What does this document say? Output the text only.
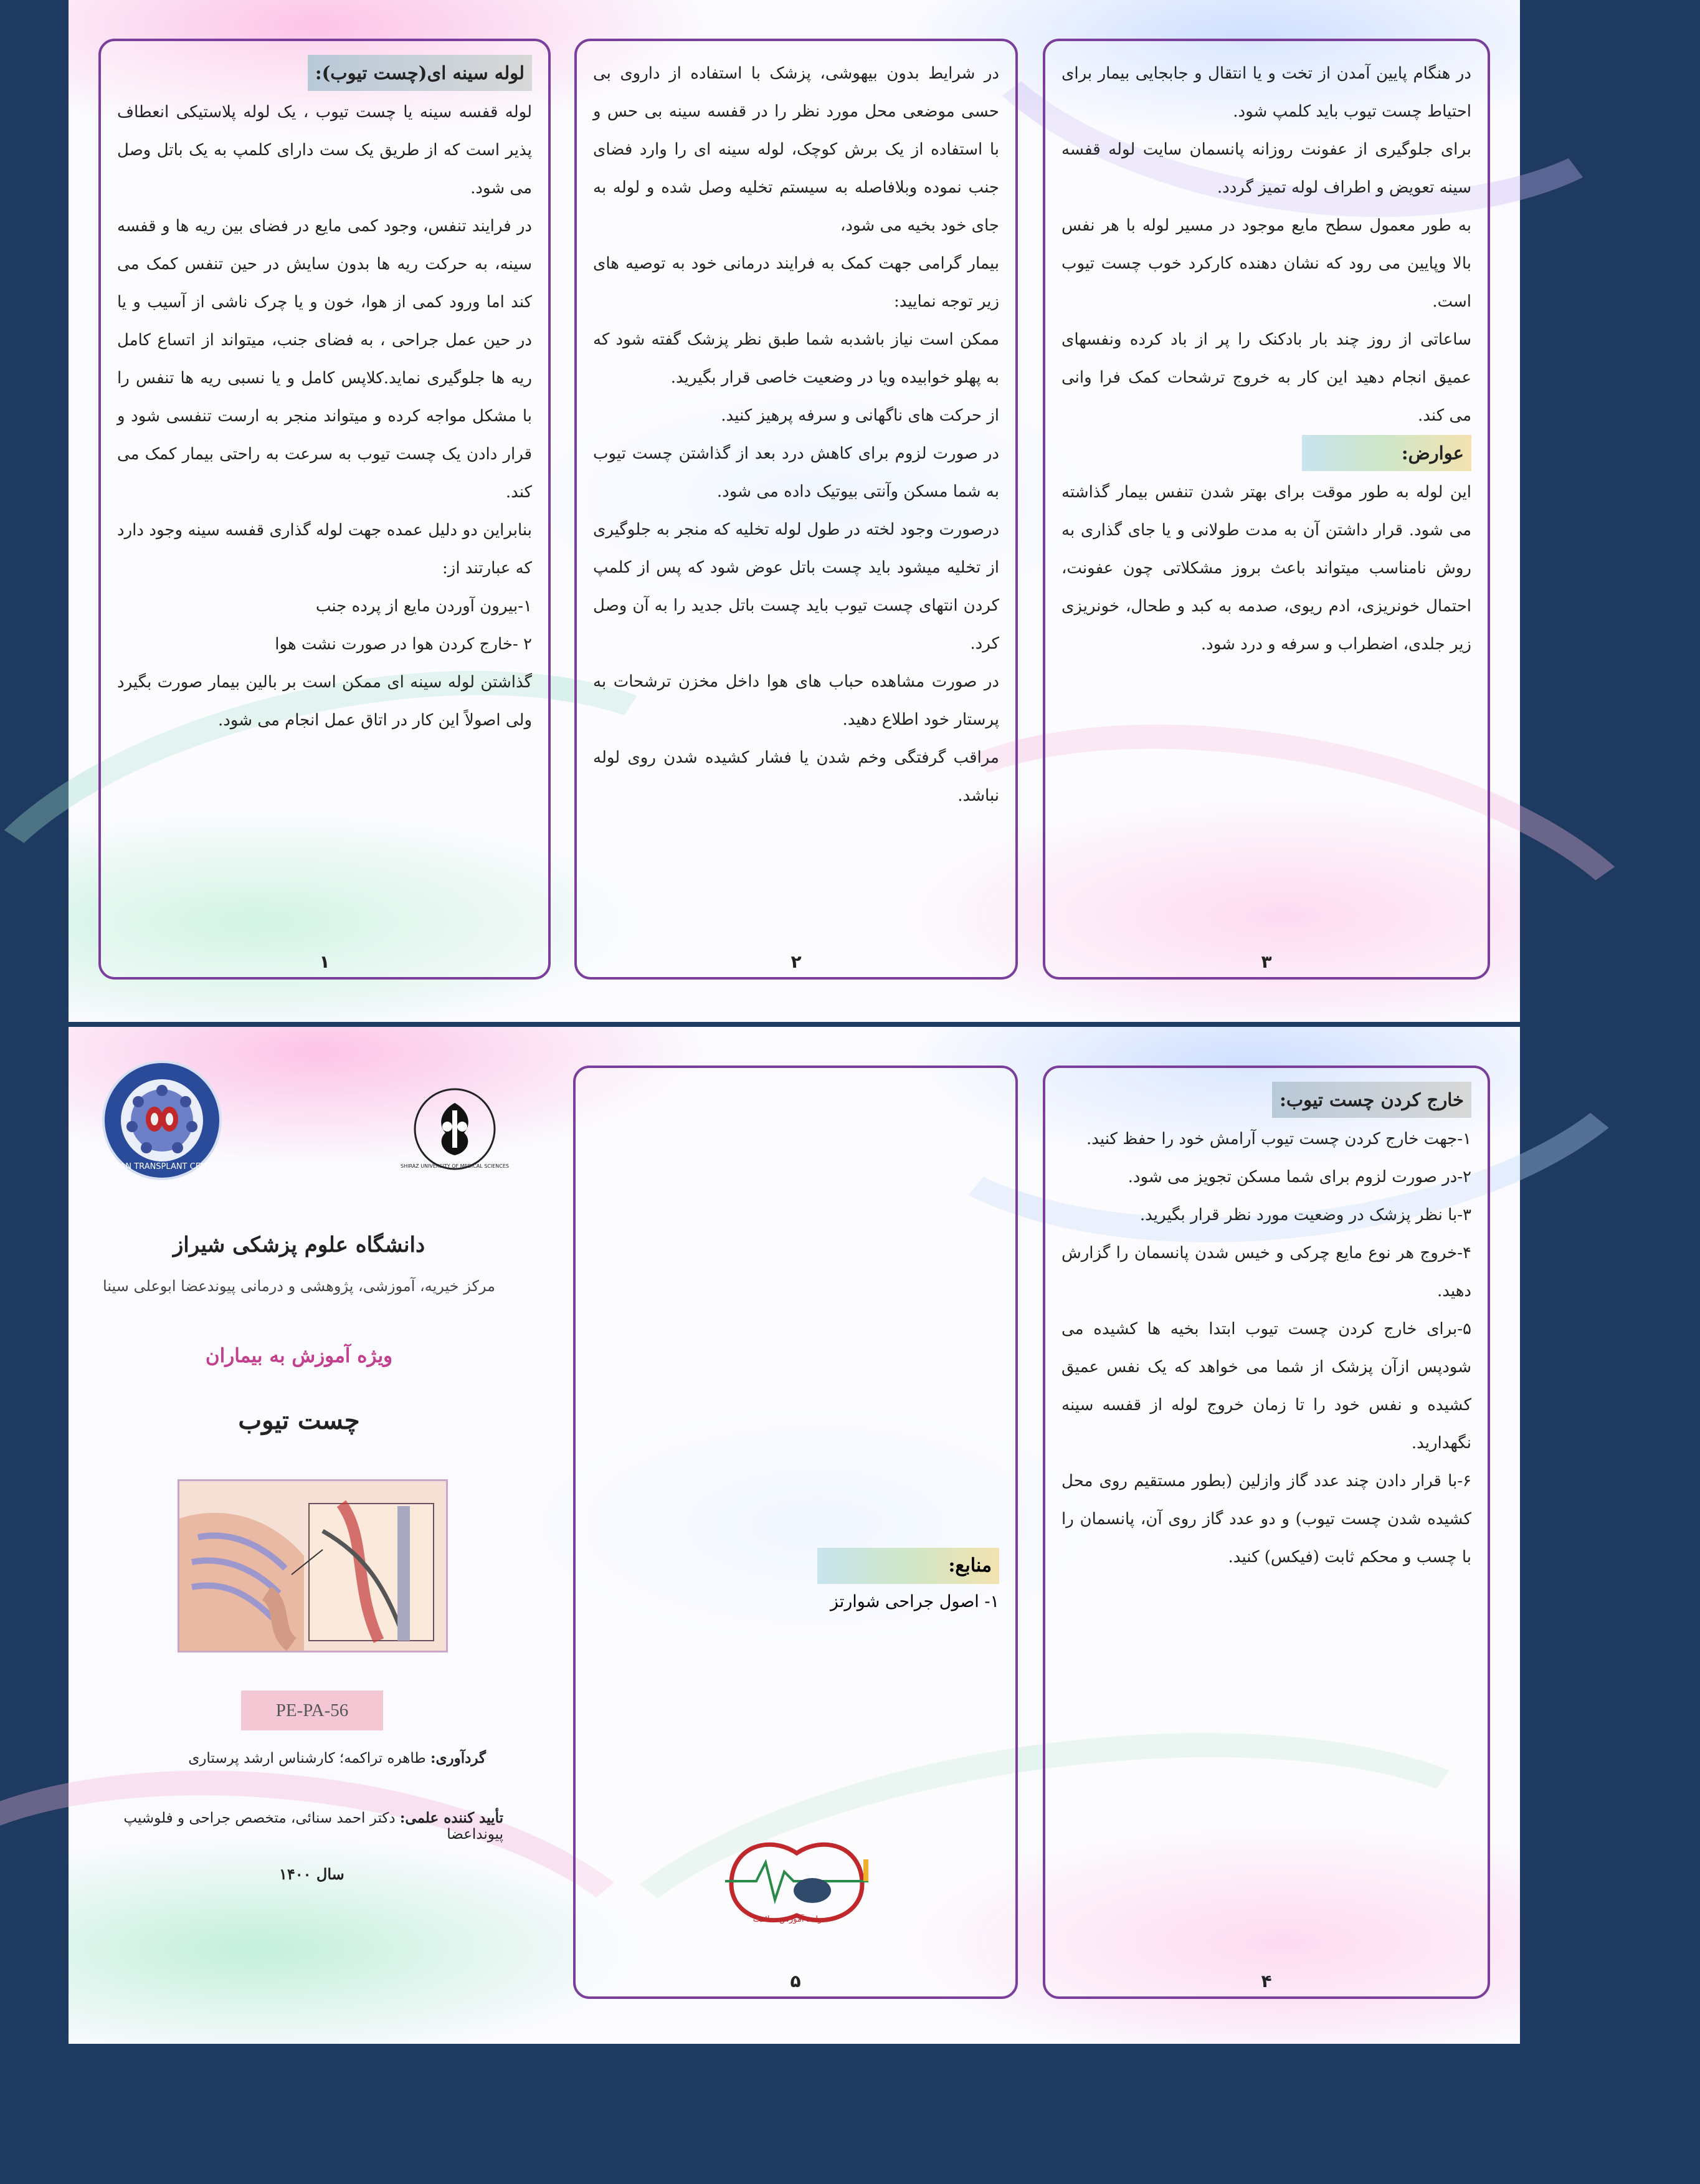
لوله سینه ای(چست تیوب):

لوله قفسه سینه یا چست تیوب ، یک لوله پلاستیکی انعطاف پذیر است که از طریق یک ست دارای کلمپ به یک باتل وصل می شود.

در فرایند تنفس، وجود کمی مایع در فضای بین ریه ها و قفسه سینه، به حرکت ریه ها بدون سایش در حین تنفس کمک می کند اما ورود کمی از هوا، خون و یا چرک ناشی از آسیب و یا در حین عمل جراحی ، به فضای جنب، میتواند از اتساع کامل ریه ها جلوگیری نماید.کلاپس کامل و یا نسبی ریه ها تنفس را با مشکل مواجه کرده و میتواند منجر به ارست تنفسی شود و قرار دادن یک چست تیوب به سرعت به راحتی بیمار کمک می کند.

بنابراین دو دلیل عمده جهت لوله گذاری قفسه سینه وجود دارد که عبارتند از:

۱-بیرون آوردن مایع از پرده جنب

۲ -خارج کردن هوا در صورت نشت هوا

گذاشتن لوله سینه ای ممکن است بر بالین بیمار صورت بگیرد ولی اصولاً این کار در اتاق عمل انجام می شود.

۱

در شرایط بدون بیهوشی، پزشک با استفاده از داروی بی حسی موضعی محل مورد نظر را در قفسه سینه بی حس و با استفاده از یک برش کوچک، لوله سینه ای را وارد فضای جنب نموده وبلافاصله به سیستم تخلیه وصل شده و لوله به جای خود بخیه می شود،

بیمار گرامی جهت کمک به فرایند درمانی خود به توصیه های زیر توجه نمایید:

ممکن است نیاز باشدبه شما طبق نظر پزشک گفته شود که به پهلو خوابیده ویا در وضعیت خاصی قرار بگیرید.

از حرکت های ناگهانی و سرفه پرهیز کنید.

در صورت لزوم برای کاهش درد بعد از گذاشتن چست تیوب به شما مسکن وآنتی بیوتیک داده می شود.

درصورت وجود لخته در طول لوله تخلیه که منجر به جلوگیری از تخلیه میشود باید چست باتل عوض شود که پس از کلمپ کردن انتهای چست تیوب باید چست باتل جدید را به آن وصل کرد.

در صورت مشاهده حباب های هوا داخل مخزن ترشحات به پرستار خود اطلاع دهید.

مراقب گرفتگی وخم شدن یا فشار کشیده شدن روی لوله نباشد.

۲

در هنگام پایین آمدن از تخت و یا انتقال و جابجایی بیمار برای احتیاط چست تیوب باید کلمپ شود.

برای جلوگیری از عفونت روزانه پانسمان سایت لوله قفسه سینه تعویض و اطراف لوله تمیز گردد.

به طور معمول سطح مایع موجود در مسیر لوله با هر نفس بالا وپایین می رود که نشان دهنده کارکرد خوب چست تیوب است.

ساعاتی از روز چند بار بادکنک را پر از باد کرده ونفسهای عمیق انجام دهید این کار به خروج ترشحات کمک فرا وانی می کند.

عوارض:

این لوله به طور موقت برای بهتر شدن تنفس بیمار گذاشته می شود. قرار داشتن آن به مدت طولانی و یا جای گذاری به روش نامناسب میتواند باعث بروز مشکلاتی چون عفونت، احتمال خونریزی، ادم ریوی، صدمه به کبد و طحال، خونریزی زیر جلدی، اضطراب و سرفه و درد شود.

۳
ORGAN TRANSPLANT CENTER	SHIRAZ UNIVERSITY OF MEDICAL SCIENCES
دانشگاه علوم پزشکی شیراز
مرکز خیریه، آموزشی، پژوهشی و درمانی پیوندعضا ابوعلی سینا
ویژه آموزش به بیماران
چست تیوب
PE-PA-56
گردآوری: طاهره تراکمه؛ کارشناس ارشد پرستاری
تأیید کننده علمی: دکتر احمد سنائی، متخصص جراحی و فلوشیپ پیونداعضا
سال ۱۴۰۰
منابع:
۱- اصول جراحی شوارتز
واحد آموزش سلامت
۵

خارج کردن چست تیوب:

۱-جهت خارج کردن چست تیوب آرامش خود را حفظ کنید.

۲-در صورت لزوم برای شما مسکن تجویز می شود.

۳-با نظر پزشک در وضعیت مورد نظر قرار بگیرید.

۴-خروج هر نوع مایع چرکی و خیس شدن پانسمان را گزارش دهید.

۵-برای خارج کردن چست تیوب ابتدا بخیه ها کشیده می شودپس ازآن پزشک از شما می خواهد که یک نفس عمیق کشیده و نفس خود را تا زمان خروج لوله از قفسه سینه نگهدارید.

۶-با قرار دادن چند عدد گاز وازلین (بطور مستقیم روی محل کشیده شدن چست تیوب) و دو عدد گاز روی آن، پانسمان را با چسب و محکم ثابت (فیکس) کنید.

۴
